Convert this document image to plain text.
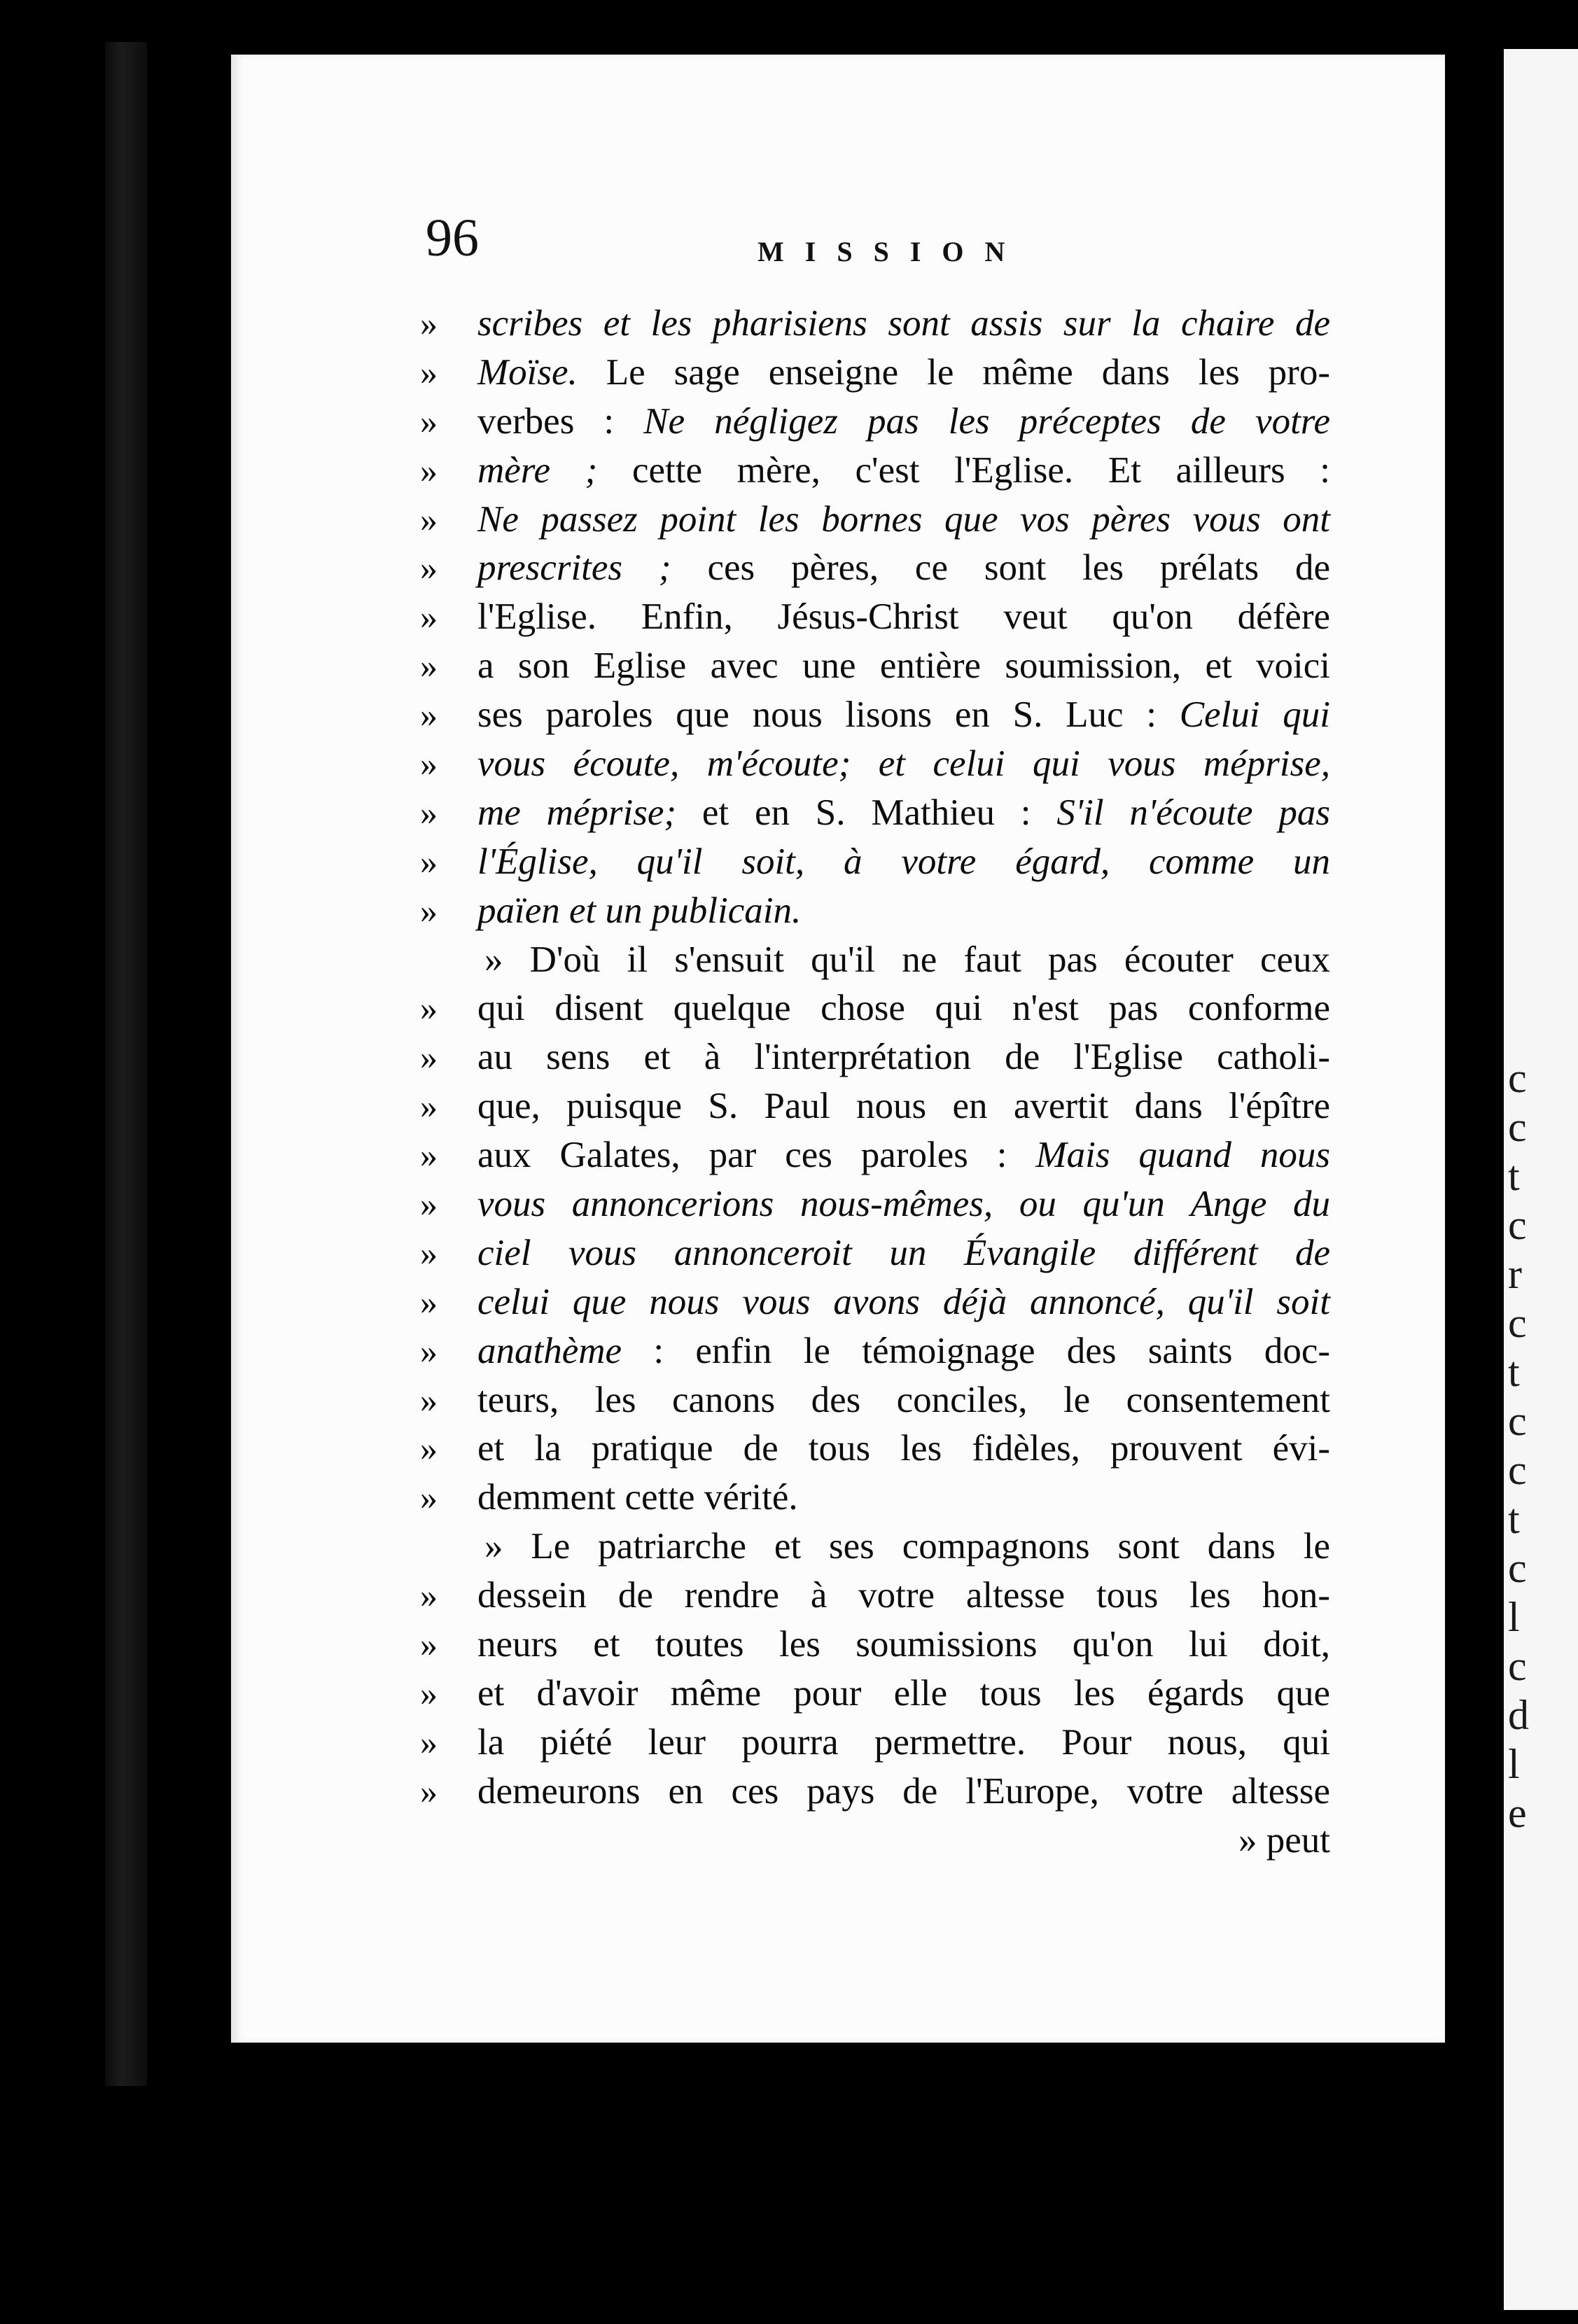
c
c
t
c
r
c
t
c
c
t
c
l
c
d
l
e
96	MISSION
»	scribes et les pharisiens sont assis sur la chaire de
»	Moïse. Le sage enseigne le même dans les pro-
»	verbes : Ne négligez pas les préceptes de votre
»	mère ; cette mère, c'est l'Eglise. Et ailleurs :
»	Ne passez point les bornes que vos pères vous ont
»	prescrites ; ces pères, ce sont les prélats de
»	l'Eglise. Enfin, Jésus-Christ veut qu'on défère
»	a son Eglise avec une entière soumission, et voici
»	ses paroles que nous lisons en S. Luc : Celui qui
»	vous écoute, m'écoute; et celui qui vous méprise,
»	me méprise; et en S. Mathieu : S'il n'écoute pas
»	l'Église, qu'il soit, à votre égard, comme un
»	païen et un publicain.
» D'où il s'ensuit qu'il ne faut pas écouter ceux
»	qui disent quelque chose qui n'est pas conforme
»	au sens et à l'interprétation de l'Eglise catholi-
»	que, puisque S. Paul nous en avertit dans l'épître
»	aux Galates, par ces paroles : Mais quand nous
»	vous annoncerions nous-mêmes, ou qu'un Ange du
»	ciel vous annonceroit un Évangile différent de
»	celui que nous vous avons déjà annoncé, qu'il soit
»	anathème : enfin le témoignage des saints doc-
»	teurs, les canons des conciles, le consentement
»	et la pratique de tous les fidèles, prouvent évi-
»	demment cette vérité.
» Le patriarche et ses compagnons sont dans le
»	dessein de rendre à votre altesse tous les hon-
»	neurs et toutes les soumissions qu'on lui doit,
»	et d'avoir même pour elle tous les égards que
»	la piété leur pourra permettre. Pour nous, qui
»	demeurons en ces pays de l'Europe, votre altesse
» peut
